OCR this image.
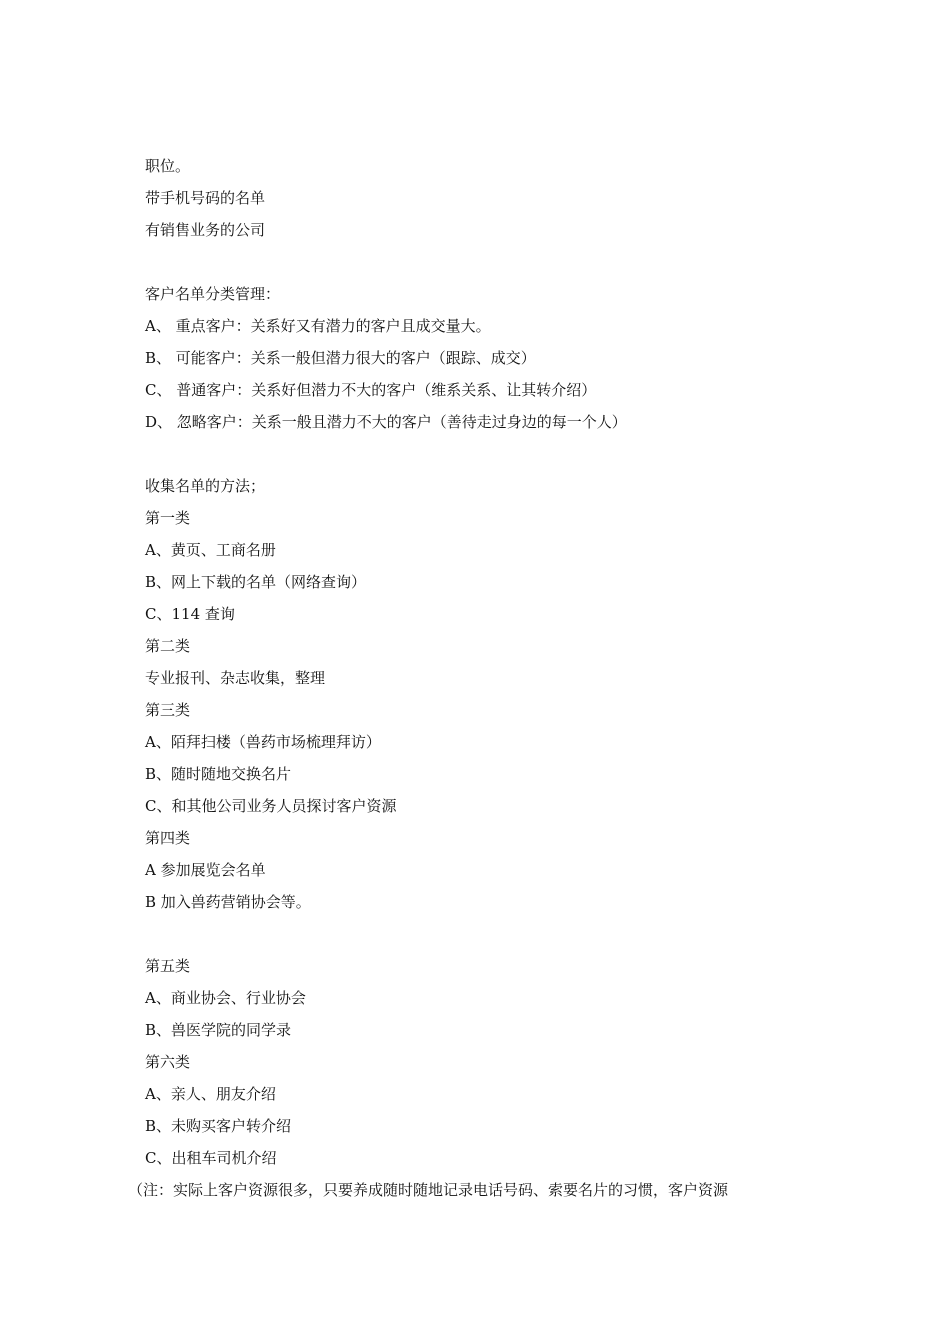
职位。
带手机号码的名单
有销售业务的公司
客户名单分类管理：
A、 重点客户：关系好又有潜力的客户且成交量大。
B、 可能客户：关系一般但潜力很大的客户（跟踪、成交）
C、 普通客户：关系好但潜力不大的客户（维系关系、让其转介绍）
D、 忽略客户：关系一般且潜力不大的客户（善待走过身边的每一个人）
收集名单的方法；
第一类
A、黄页、工商名册
B、网上下载的名单（网络查询）
C、114 查询
第二类
专业报刊、杂志收集，整理
第三类
A、陌拜扫楼（兽药市场梳理拜访）
B、随时随地交换名片
C、和其他公司业务人员探讨客户资源
第四类
A 参加展览会名单
B 加入兽药营销协会等。
第五类
A、商业协会、行业协会
B、兽医学院的同学录
第六类
A、亲人、朋友介绍
B、未购买客户转介绍
C、出租车司机介绍
（注：实际上客户资源很多，只要养成随时随地记录电话号码、索要名片的习惯，客户资源
